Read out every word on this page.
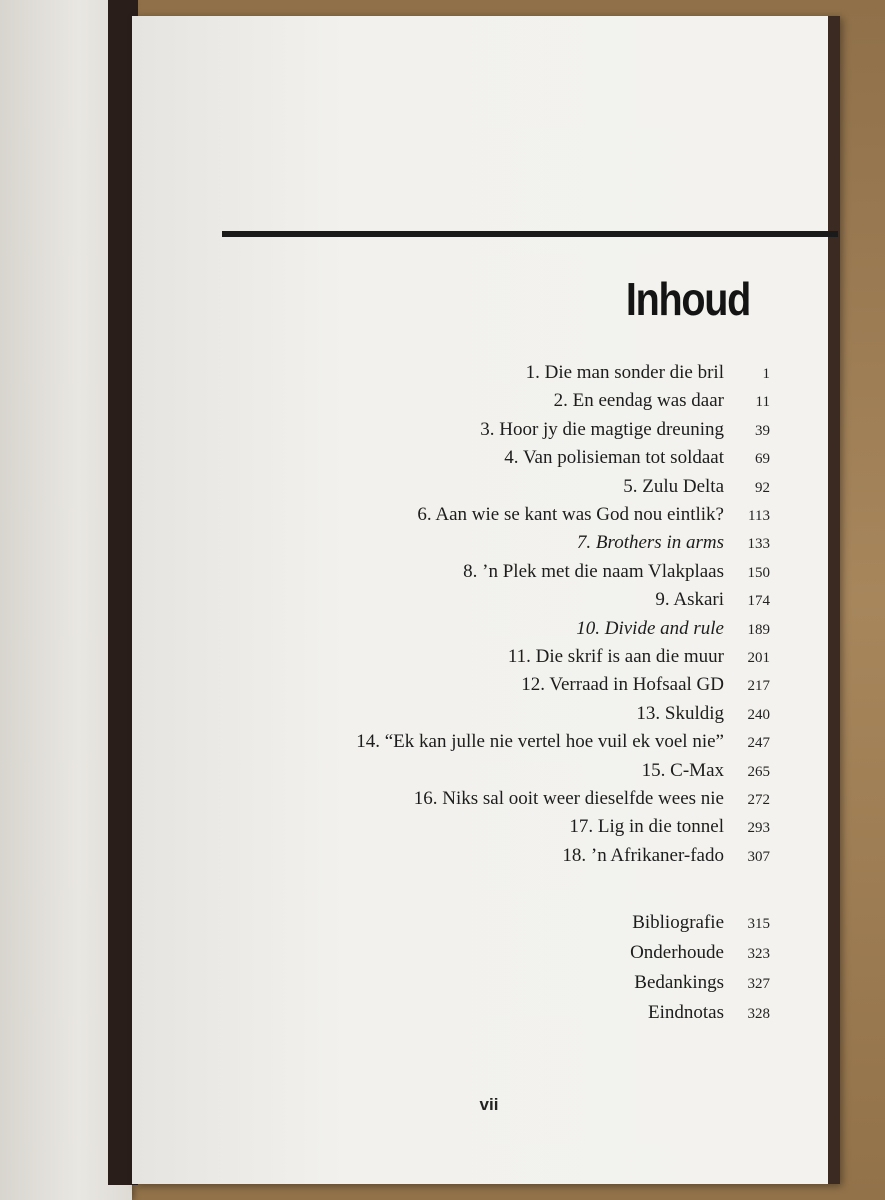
Inhoud
1. Die man sonder die bril	1
2. En eendag was daar	11
3. Hoor jy die magtige dreuning	39
4. Van polisieman tot soldaat	69
5. Zulu Delta	92
6. Aan wie se kant was God nou eintlik?	113
7. Brothers in arms	133
8. ’n Plek met die naam Vlakplaas	150
9. Askari	174
10. Divide and rule	189
11. Die skrif is aan die muur	201
12. Verraad in Hofsaal GD	217
13. Skuldig	240
14. “Ek kan julle nie vertel hoe vuil ek voel nie”	247
15. C-Max	265
16. Niks sal ooit weer dieselfde wees nie	272
17. Lig in die tonnel	293
18. ’n Afrikaner-fado	307
Bibliografie	315
Onderhoude	323
Bedankings	327
Eindnotas	328
vii
